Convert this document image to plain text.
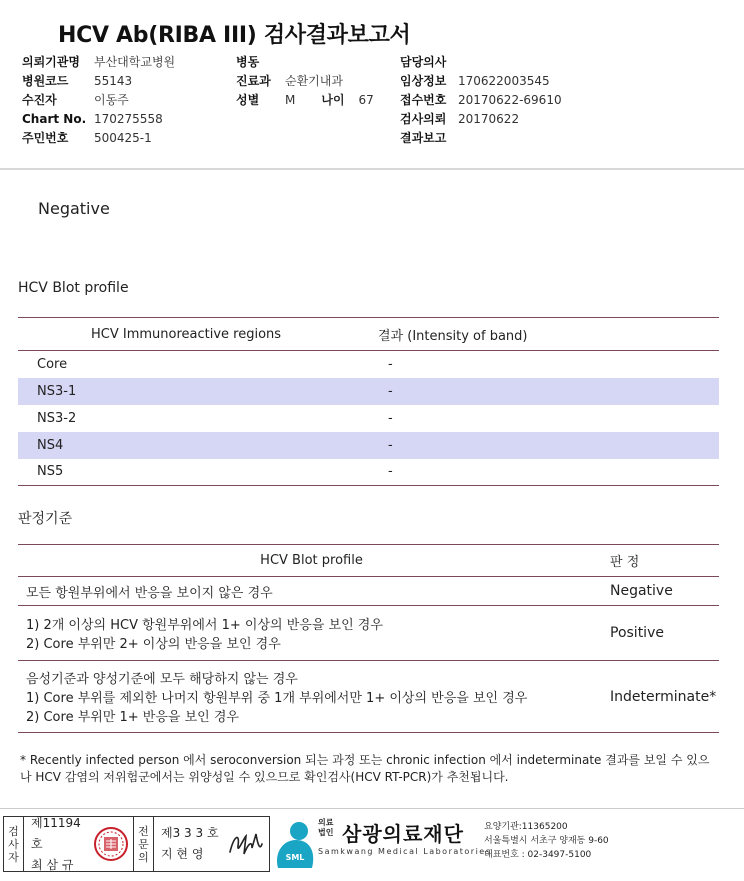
HCV Ab(RIBA III) 검사결과보고서
의뢰기관명	부산대학교병원
병원코드	55143
수진자	이동주
Chart No. 170275558
주민번호	500425-1
병동
진료과	순환기내과
성별	M 나이 67
담당의사
임상정보 170622003545
접수번호 20170622-69610
검사의뢰 20170622
결과보고
Negative
HCV Blot profile
HCV Immunoreactive regions	결과 (Intensity of band)
Core	-
NS3-1	-
NS3-2	-
NS4	-
NS5	-
판정기준
HCV Blot profile	판 정

모든 항원부위에서 반응을 보이지 않은 경우	Negative

1) 2개 이상의 HCV 항원부위에서 1+ 이상의 반응을 보인 경우
2) Core 부위만 2+ 이상의 반응을 보인 경우	Positive

음성기준과 양성기준에 모두 해당하지 않는 경우
1) Core 부위를 제외한 나머지 항원부위 중 1개 부위에서만 1+ 이상의 반응을 보인 경우
2) Core 부위만 1+ 반응을 보인 경우	Indeterminate*
* Recently infected person 에서 seroconversion 되는 과정 또는 chronic infection 에서 indeterminate 결과를 보일 수 있으나 HCV 감염의 저위험군에서는 위양성일 수 있으므로 확인검사(HCV RT-PCR)가 추천됩니다.
검
사
자
제11194호
최 삼 규
전
문
의
제3 3 3 호
지 현 영	SML
의료
법인 삼광의료재단
Samkwang Medical Laboratories
요양기관:11365200
서울특별시 서초구 양재동 9-60
대표번호 : 02-3497-5100
